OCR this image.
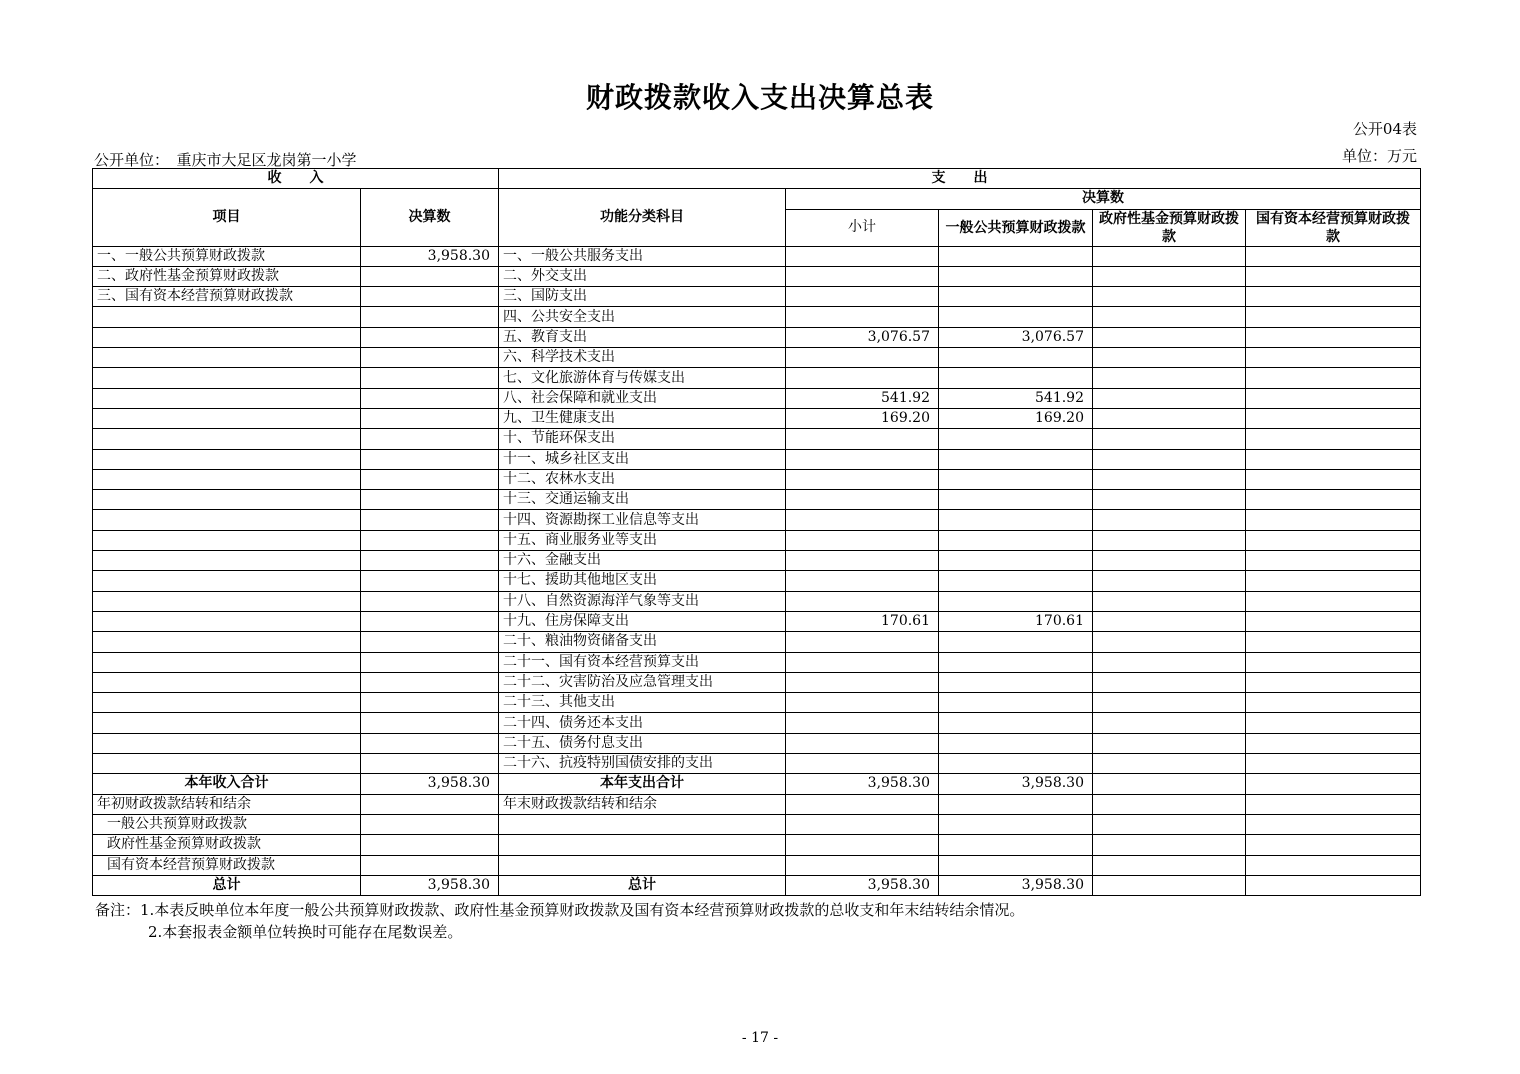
财政拨款收入支出决算总表
公开04表
单位：万元
公开单位：　重庆市大足区龙岗第一小学
收　　入		支　　出				
项目	决算数	功能分类科目	决算数			
			小计	一般公共预算财政拨款	政府性基金预算财政拨款	国有资本经营预算财政拨款

一、一般公共预算财政拨款	3,958.30	一、一般公共服务支出				
二、政府性基金预算财政拨款		二、外交支出				
三、国有资本经营预算财政拨款		三、国防支出				
		四、公共安全支出				
		五、教育支出	3,076.57	3,076.57		
		六、科学技术支出				
		七、文化旅游体育与传媒支出				
		八、社会保障和就业支出	541.92	541.92		
		九、卫生健康支出	169.20	169.20		
		十、节能环保支出				
		十一、城乡社区支出				
		十二、农林水支出				
		十三、交通运输支出				
		十四、资源勘探工业信息等支出				
		十五、商业服务业等支出				
		十六、金融支出				
		十七、援助其他地区支出				
		十八、自然资源海洋气象等支出				
		十九、住房保障支出	170.61	170.61		
		二十、粮油物资储备支出				
		二十一、国有资本经营预算支出				
		二十二、灾害防治及应急管理支出				
		二十三、其他支出				
		二十四、债务还本支出				
		二十五、债务付息支出				
		二十六、抗疫特别国债安排的支出				
本年收入合计	3,958.30	本年支出合计	3,958.30	3,958.30		
年初财政拨款结转和结余		年末财政拨款结转和结余				
一般公共预算财政拨款						
政府性基金预算财政拨款						
国有资本经营预算财政拨款						
总计	3,958.30	总计	3,958.30	3,958.30		
备注：1.本表反映单位本年度一般公共预算财政拨款、政府性基金预算财政拨款及国有资本经营预算财政拨款的总收支和年末结转结余情况。
2.本套报表金额单位转换时可能存在尾数误差。
- 17 -
